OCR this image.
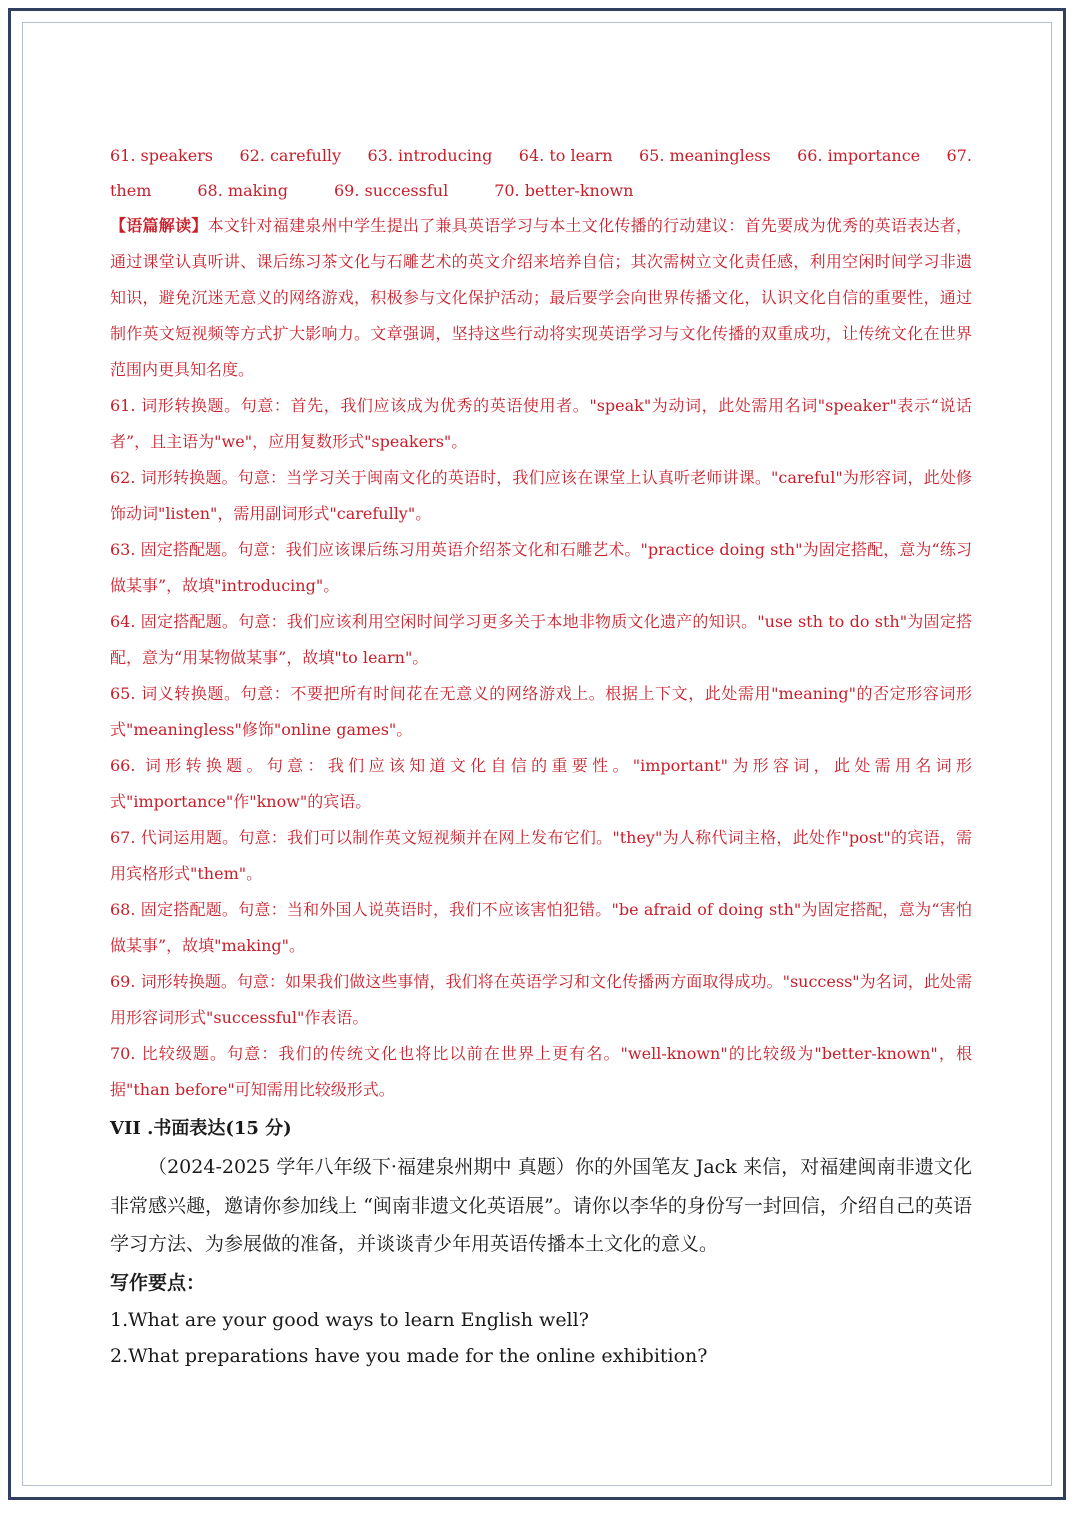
61. speakers 62. carefully 63. introducing 64. to learn 65. meaningless 66. importance 67.
them	68. making	69. successful	70. better-known

【语篇解读】本文针对福建泉州中学生提出了兼具英语学习与本土文化传播的行动建议：首先要成为优秀的英语表达者，通过课堂认真听讲、课后练习茶文化与石雕艺术的英文介绍来培养自信；其次需树立文化责任感，利用空闲时间学习非遗知识，避免沉迷无意义的网络游戏，积极参与文化保护活动；最后要学会向世界传播文化，认识文化自信的重要性，通过制作英文短视频等方式扩大影响力。文章强调，坚持这些行动将实现英语学习与文化传播的双重成功，让传统文化在世界范围内更具知名度。

61. 词形转换题。句意：首先，我们应该成为优秀的英语使用者。"speak"为动词，此处需用名词"speaker"表示“说话者”，且主语为"we"，应用复数形式"speakers"。
62. 词形转换题。句意：当学习关于闽南文化的英语时，我们应该在课堂上认真听老师讲课。"careful"为形容词，此处修饰动词"listen"，需用副词形式"carefully"。
63. 固定搭配题。句意：我们应该课后练习用英语介绍茶文化和石雕艺术。"practice doing sth"为固定搭配，意为“练习做某事”，故填"introducing"。
64. 固定搭配题。句意：我们应该利用空闲时间学习更多关于本地非物质文化遗产的知识。"use sth to do sth"为固定搭配，意为“用某物做某事”，故填"to learn"。
65. 词义转换题。句意：不要把所有时间花在无意义的网络游戏上。根据上下文，此处需用"meaning"的否定形容词形式"meaningless"修饰"online games"。
66. 词形转换题。句意：我们应该知道文化自信的重要性。"important"为形容词，此处需用名词形式"importance"作"know"的宾语。
67. 代词运用题。句意：我们可以制作英文短视频并在网上发布它们。"they"为人称代词主格，此处作"post"的宾语，需用宾格形式"them"。
68. 固定搭配题。句意：当和外国人说英语时，我们不应该害怕犯错。"be afraid of doing sth"为固定搭配，意为“害怕做某事”，故填"making"。
69. 词形转换题。句意：如果我们做这些事情，我们将在英语学习和文化传播两方面取得成功。"success"为名词，此处需用形容词形式"successful"作表语。
70. 比较级题。句意：我们的传统文化也将比以前在世界上更有名。"well-known"的比较级为"better-known"，根据"than before"可知需用比较级形式。
VII .书面表达(15 分)

（2024-2025 学年八年级下·福建泉州期中 真题）你的外国笔友 Jack 来信，对福建闽南非遗文化非常感兴趣，邀请你参加线上 “闽南非遗文化英语展”。请你以李华的身份写一封回信，介绍自己的英语学习方法、为参展做的准备，并谈谈青少年用英语传播本土文化的意义。

写作要点：
1.What are your good ways to learn English well?
2.What preparations have you made for the online exhibition?
